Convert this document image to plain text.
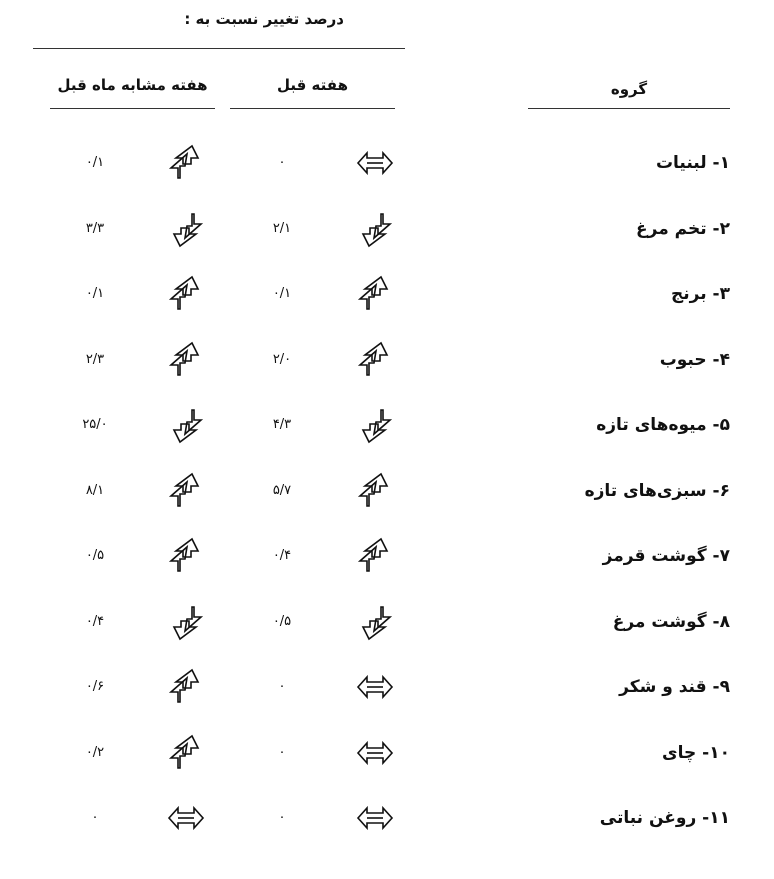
درصد تغییر نسبت به :
هفته قبل
هفته مشابه ماه قبل	گروه
۱- لبنیات
۰
۰/۱
۲- تخم مرغ
۲/۱
۳/۳
۳- برنج
۰/۱
۰/۱
۴- حبوب
۲/۰
۲/۳
۵- میوه‌های تازه
۴/۳
۲۵/۰
۶- سبزی‌های تازه
۵/۷
۸/۱
۷- گوشت قرمز
۰/۴
۰/۵
۸- گوشت مرغ
۰/۵
۰/۴
۹- قند و شکر
۰
۰/۶
۱۰- چای
۰
۰/۲
۱۱- روغن نباتی
۰
۰
